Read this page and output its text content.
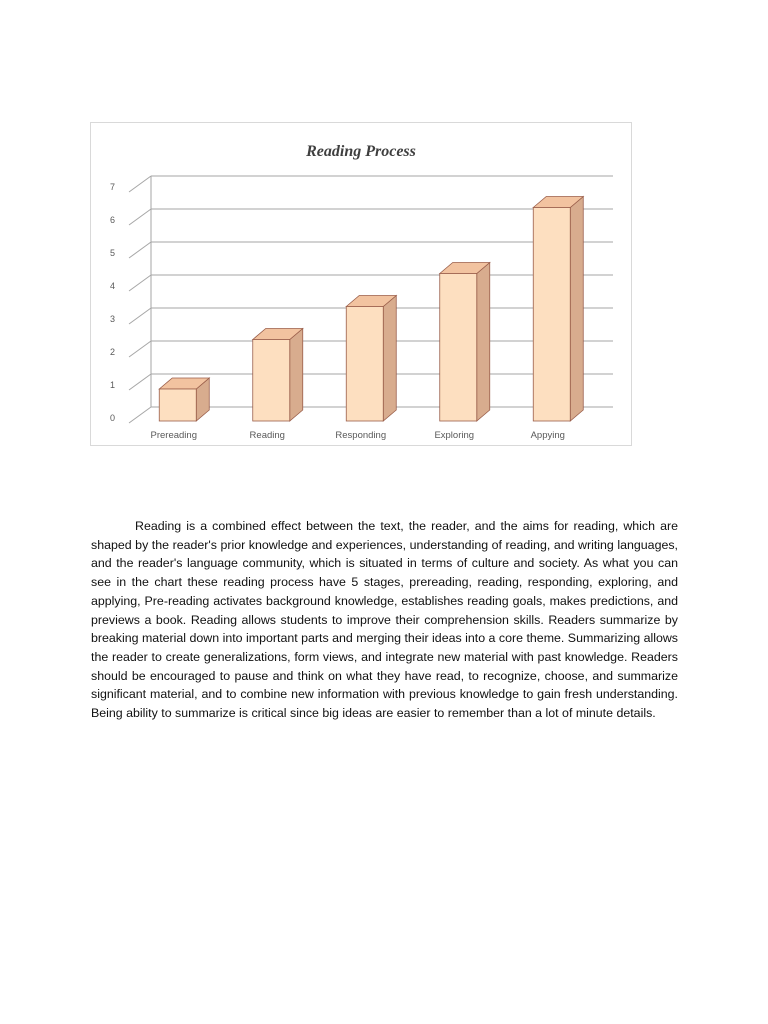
Reading Process
0
1
2
3
4
5
6
7
Prereading	Reading	Responding	Exploring	Appying

Reading is a combined effect between the text, the reader, and the aims for reading, which are shaped by the reader's prior knowledge and experiences, understanding of reading, and writing languages, and the reader's language community, which is situated in terms of culture and society. As what you can see in the chart these reading process have 5 stages, prereading, reading, responding, exploring, and applying, Pre-reading activates background knowledge, establishes reading goals, makes predictions, and previews a book. Reading allows students to improve their comprehension skills. Readers summarize by breaking material down into important parts and merging their ideas into a core theme. Summarizing allows the reader to create generalizations, form views, and integrate new material with past knowledge. Readers should be encouraged to pause and think on what they have read, to recognize, choose, and summarize significant material, and to combine new information with previous knowledge to gain fresh understanding. Being ability to summarize is critical since big ideas are easier to remember than a lot of minute details.
